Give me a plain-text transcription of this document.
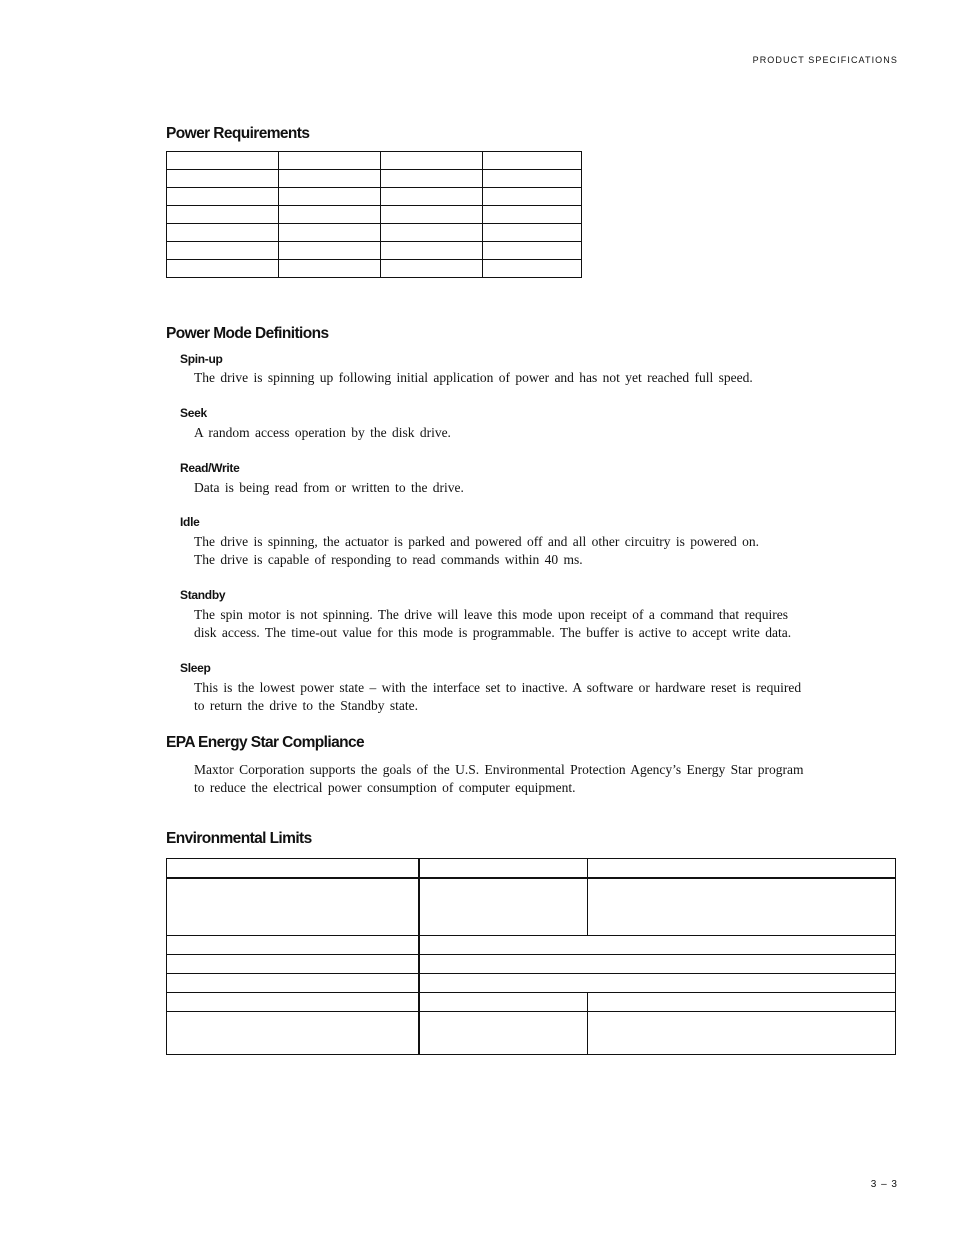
PRODUCT SPECIFICATIONS
Power Requirements

Power Mode Definitions
Spin-up
The drive is spinning up following initial application of power and has not yet reached full speed.
Seek
A random access operation by the disk drive.
Read/Write
Data is being read from or written to the drive.
Idle
The drive is spinning, the actuator is parked and powered off and all other circuitry is powered on.
The drive is capable of responding to read commands within 40 ms.
Standby
The spin motor is not spinning. The drive will leave this mode upon receipt of a command that requires
disk access. The time-out value for this mode is programmable. The buffer is active to accept write data.
Sleep
This is the lowest power state – with the interface set to inactive. A software or hardware reset is required
to return the drive to the Standby state.
EPA Energy Star Compliance
Maxtor Corporation supports the goals of the U.S. Environmental Protection Agency’s Energy Star program
to reduce the electrical power consumption of computer equipment.
Environmental Limits

3 – 3
